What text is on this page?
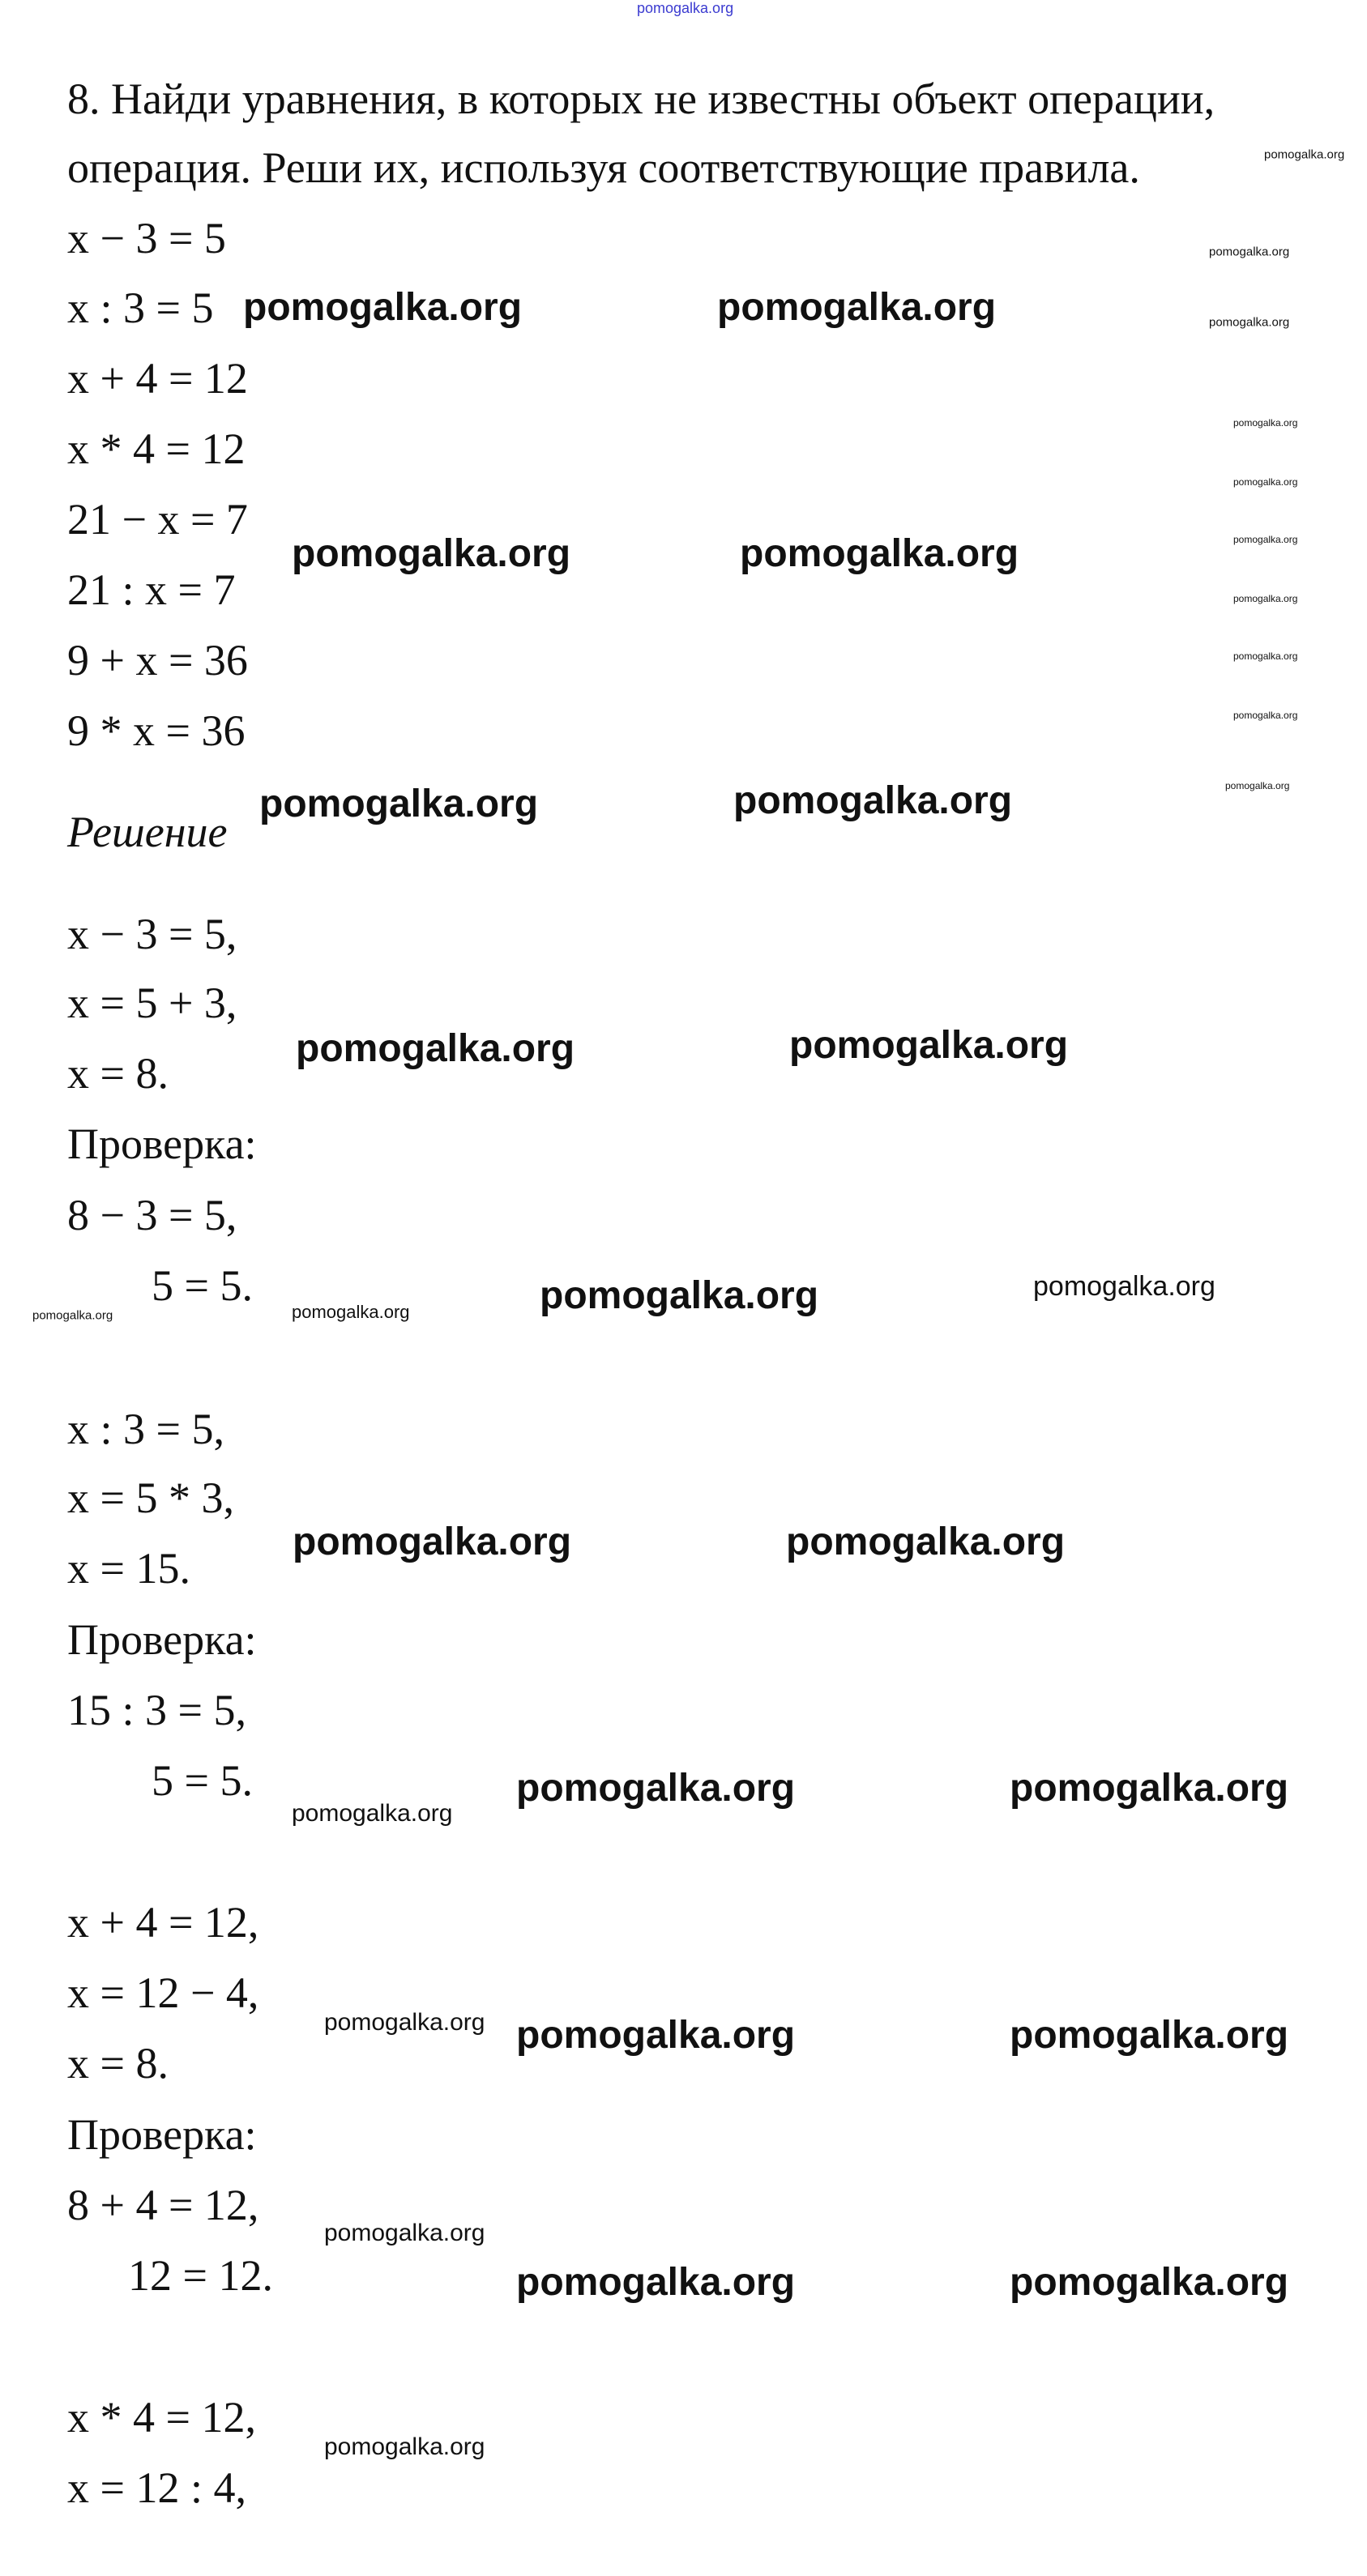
8. Найди уравнения, в которых не известны объект операции,
операция. Реши их, используя соответствующие правила.
x − 3 = 5
x : 3 = 5
x + 4 = 12
x * 4 = 12
21 − x = 7
21 : x = 7
9 + x = 36
9 * x = 36
Решение
x − 3 = 5,
x = 5 + 3,
x = 8.
Проверка:
8 − 3 = 5,
5 = 5.
x : 3 = 5,
x = 5 * 3,
x = 15.
Проверка:
15 : 3 = 5,
5 = 5.
x + 4 = 12,
x = 12 − 4,
x = 8.
Проверка:
8 + 4 = 12,
12 = 12.
x * 4 = 12,
x = 12 : 4,
pomogalka.org
pomogalka.org
pomogalka.org
pomogalka.org
pomogalka.org
pomogalka.org
pomogalka.org
pomogalka.org
pomogalka.org
pomogalka.org
pomogalka.org
pomogalka.org	pomogalka.org
pomogalka.org	pomogalka.org
pomogalka.org	pomogalka.org
pomogalka.org	pomogalka.org
pomogalka.org	pomogalka.org
pomogalka.org	pomogalka.org
pomogalka.org	pomogalka.org
pomogalka.org	pomogalka.org
pomogalka.org
pomogalka.org pomogalka.org	pomogalka.org
pomogalka.org
pomogalka.org	pomogalka.org
pomogalka.org
